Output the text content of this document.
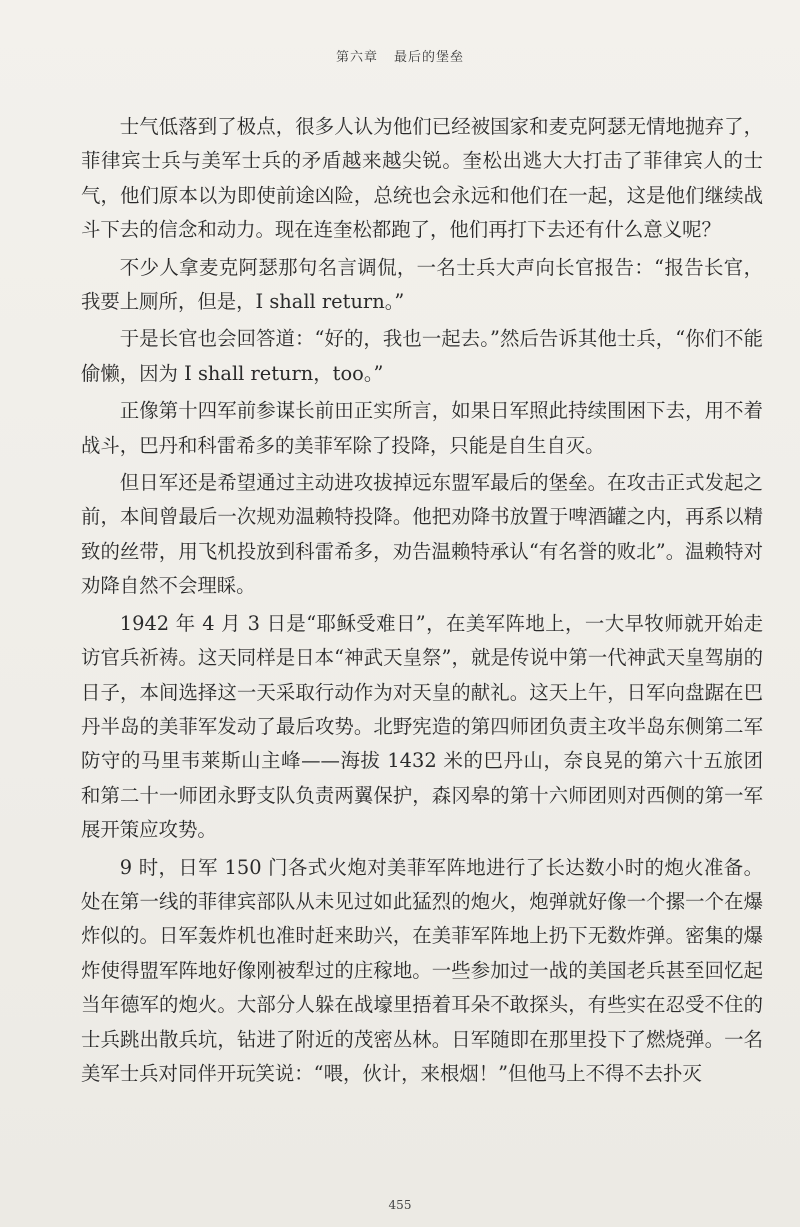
第六章 最后的堡垒

士气低落到了极点，很多人认为他们已经被国家和麦克阿瑟无情地抛弃了，菲律宾士兵与美军士兵的矛盾越来越尖锐。奎松出逃大大打击了菲律宾人的士气，他们原本以为即使前途凶险，总统也会永远和他们在一起，这是他们继续战斗下去的信念和动力。现在连奎松都跑了，他们再打下去还有什么意义呢？

不少人拿麦克阿瑟那句名言调侃，一名士兵大声向长官报告：“报告长官，我要上厕所，但是，I shall return。”

于是长官也会回答道：“好的，我也一起去。”然后告诉其他士兵，“你们不能偷懒，因为 I shall return，too。”

正像第十四军前参谋长前田正实所言，如果日军照此持续围困下去，用不着战斗，巴丹和科雷希多的美菲军除了投降，只能是自生自灭。

但日军还是希望通过主动进攻拔掉远东盟军最后的堡垒。在攻击正式发起之前，本间曾最后一次规劝温赖特投降。他把劝降书放置于啤酒罐之内，再系以精致的丝带，用飞机投放到科雷希多，劝告温赖特承认“有名誉的败北”。温赖特对劝降自然不会理睬。

1942 年 4 月 3 日是“耶稣受难日”，在美军阵地上，一大早牧师就开始走访官兵祈祷。这天同样是日本“神武天皇祭”，就是传说中第一代神武天皇驾崩的日子，本间选择这一天采取行动作为对天皇的献礼。这天上午，日军向盘踞在巴丹半岛的美菲军发动了最后攻势。北野宪造的第四师团负责主攻半岛东侧第二军防守的马里韦莱斯山主峰——海拔 1432 米的巴丹山，奈良晃的第六十五旅团和第二十一师团永野支队负责两翼保护，森冈皋的第十六师团则对西侧的第一军展开策应攻势。

9 时，日军 150 门各式火炮对美菲军阵地进行了长达数小时的炮火准备。处在第一线的菲律宾部队从未见过如此猛烈的炮火，炮弹就好像一个摞一个在爆炸似的。日军轰炸机也准时赶来助兴，在美菲军阵地上扔下无数炸弹。密集的爆炸使得盟军阵地好像刚被犁过的庄稼地。一些参加过一战的美国老兵甚至回忆起当年德军的炮火。大部分人躲在战壕里捂着耳朵不敢探头，有些实在忍受不住的士兵跳出散兵坑，钻进了附近的茂密丛林。日军随即在那里投下了燃烧弹。一名美军士兵对同伴开玩笑说：“喂，伙计，来根烟！”但他马上不得不去扑灭

455
